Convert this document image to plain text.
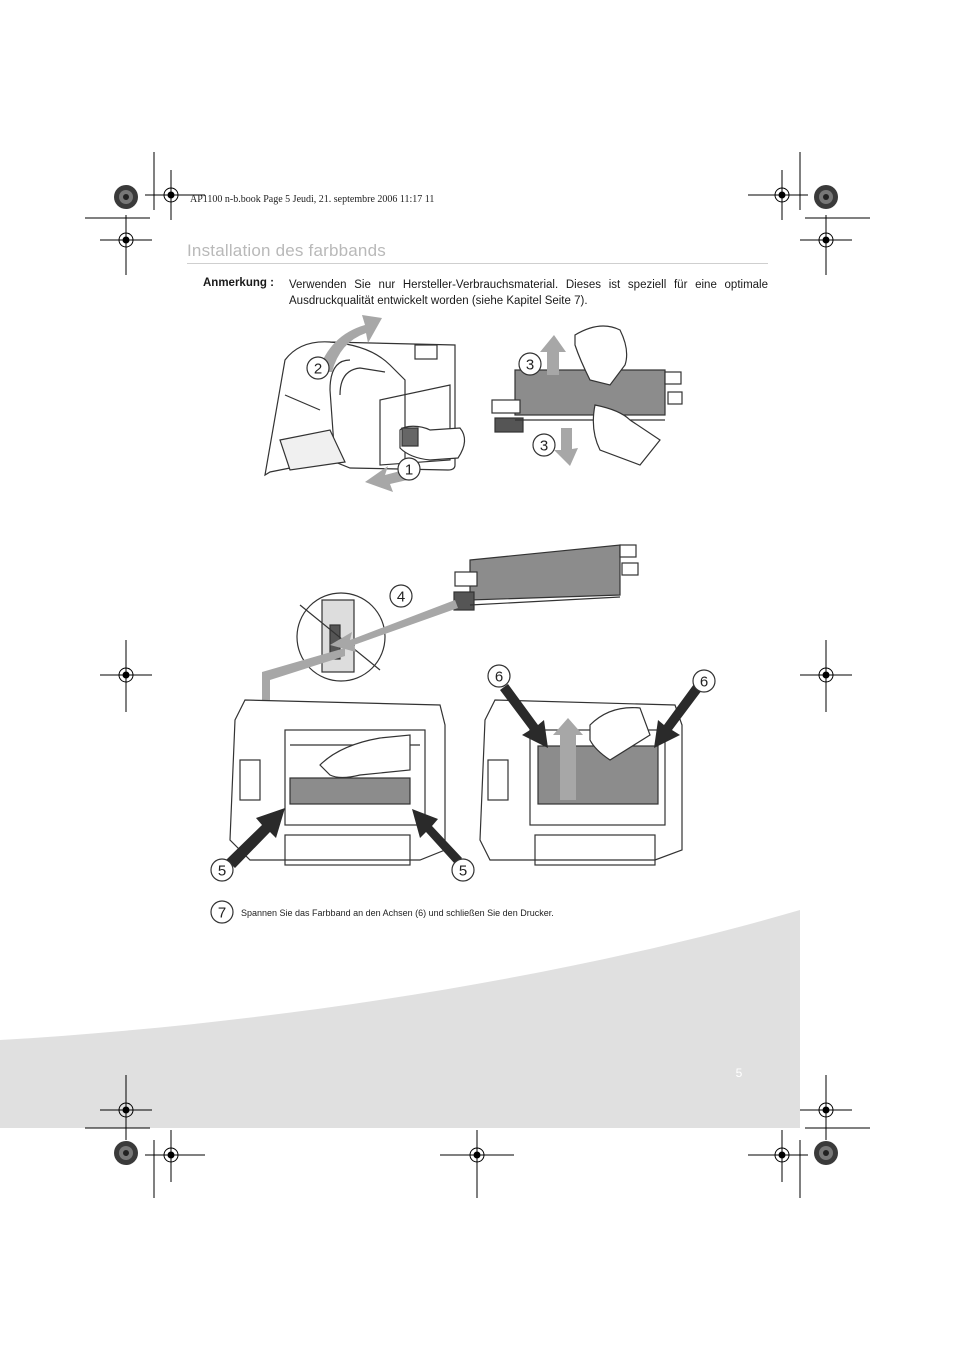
2
1
3
3
4
5	5
6	6
7
AP1100 n-b.book Page 5 Jeudi, 21. septembre 2006 11:17 11
Installation des farbbands
Anmerkung : Verwenden Sie nur Hersteller-Verbrauchsmaterial. Dieses ist speziell für eine optimale Ausdruckqualität entwickelt worden (siehe Kapitel Seite 7).
Spannen Sie das Farbband an den Achsen (6) und schließen Sie den Drucker.
5
